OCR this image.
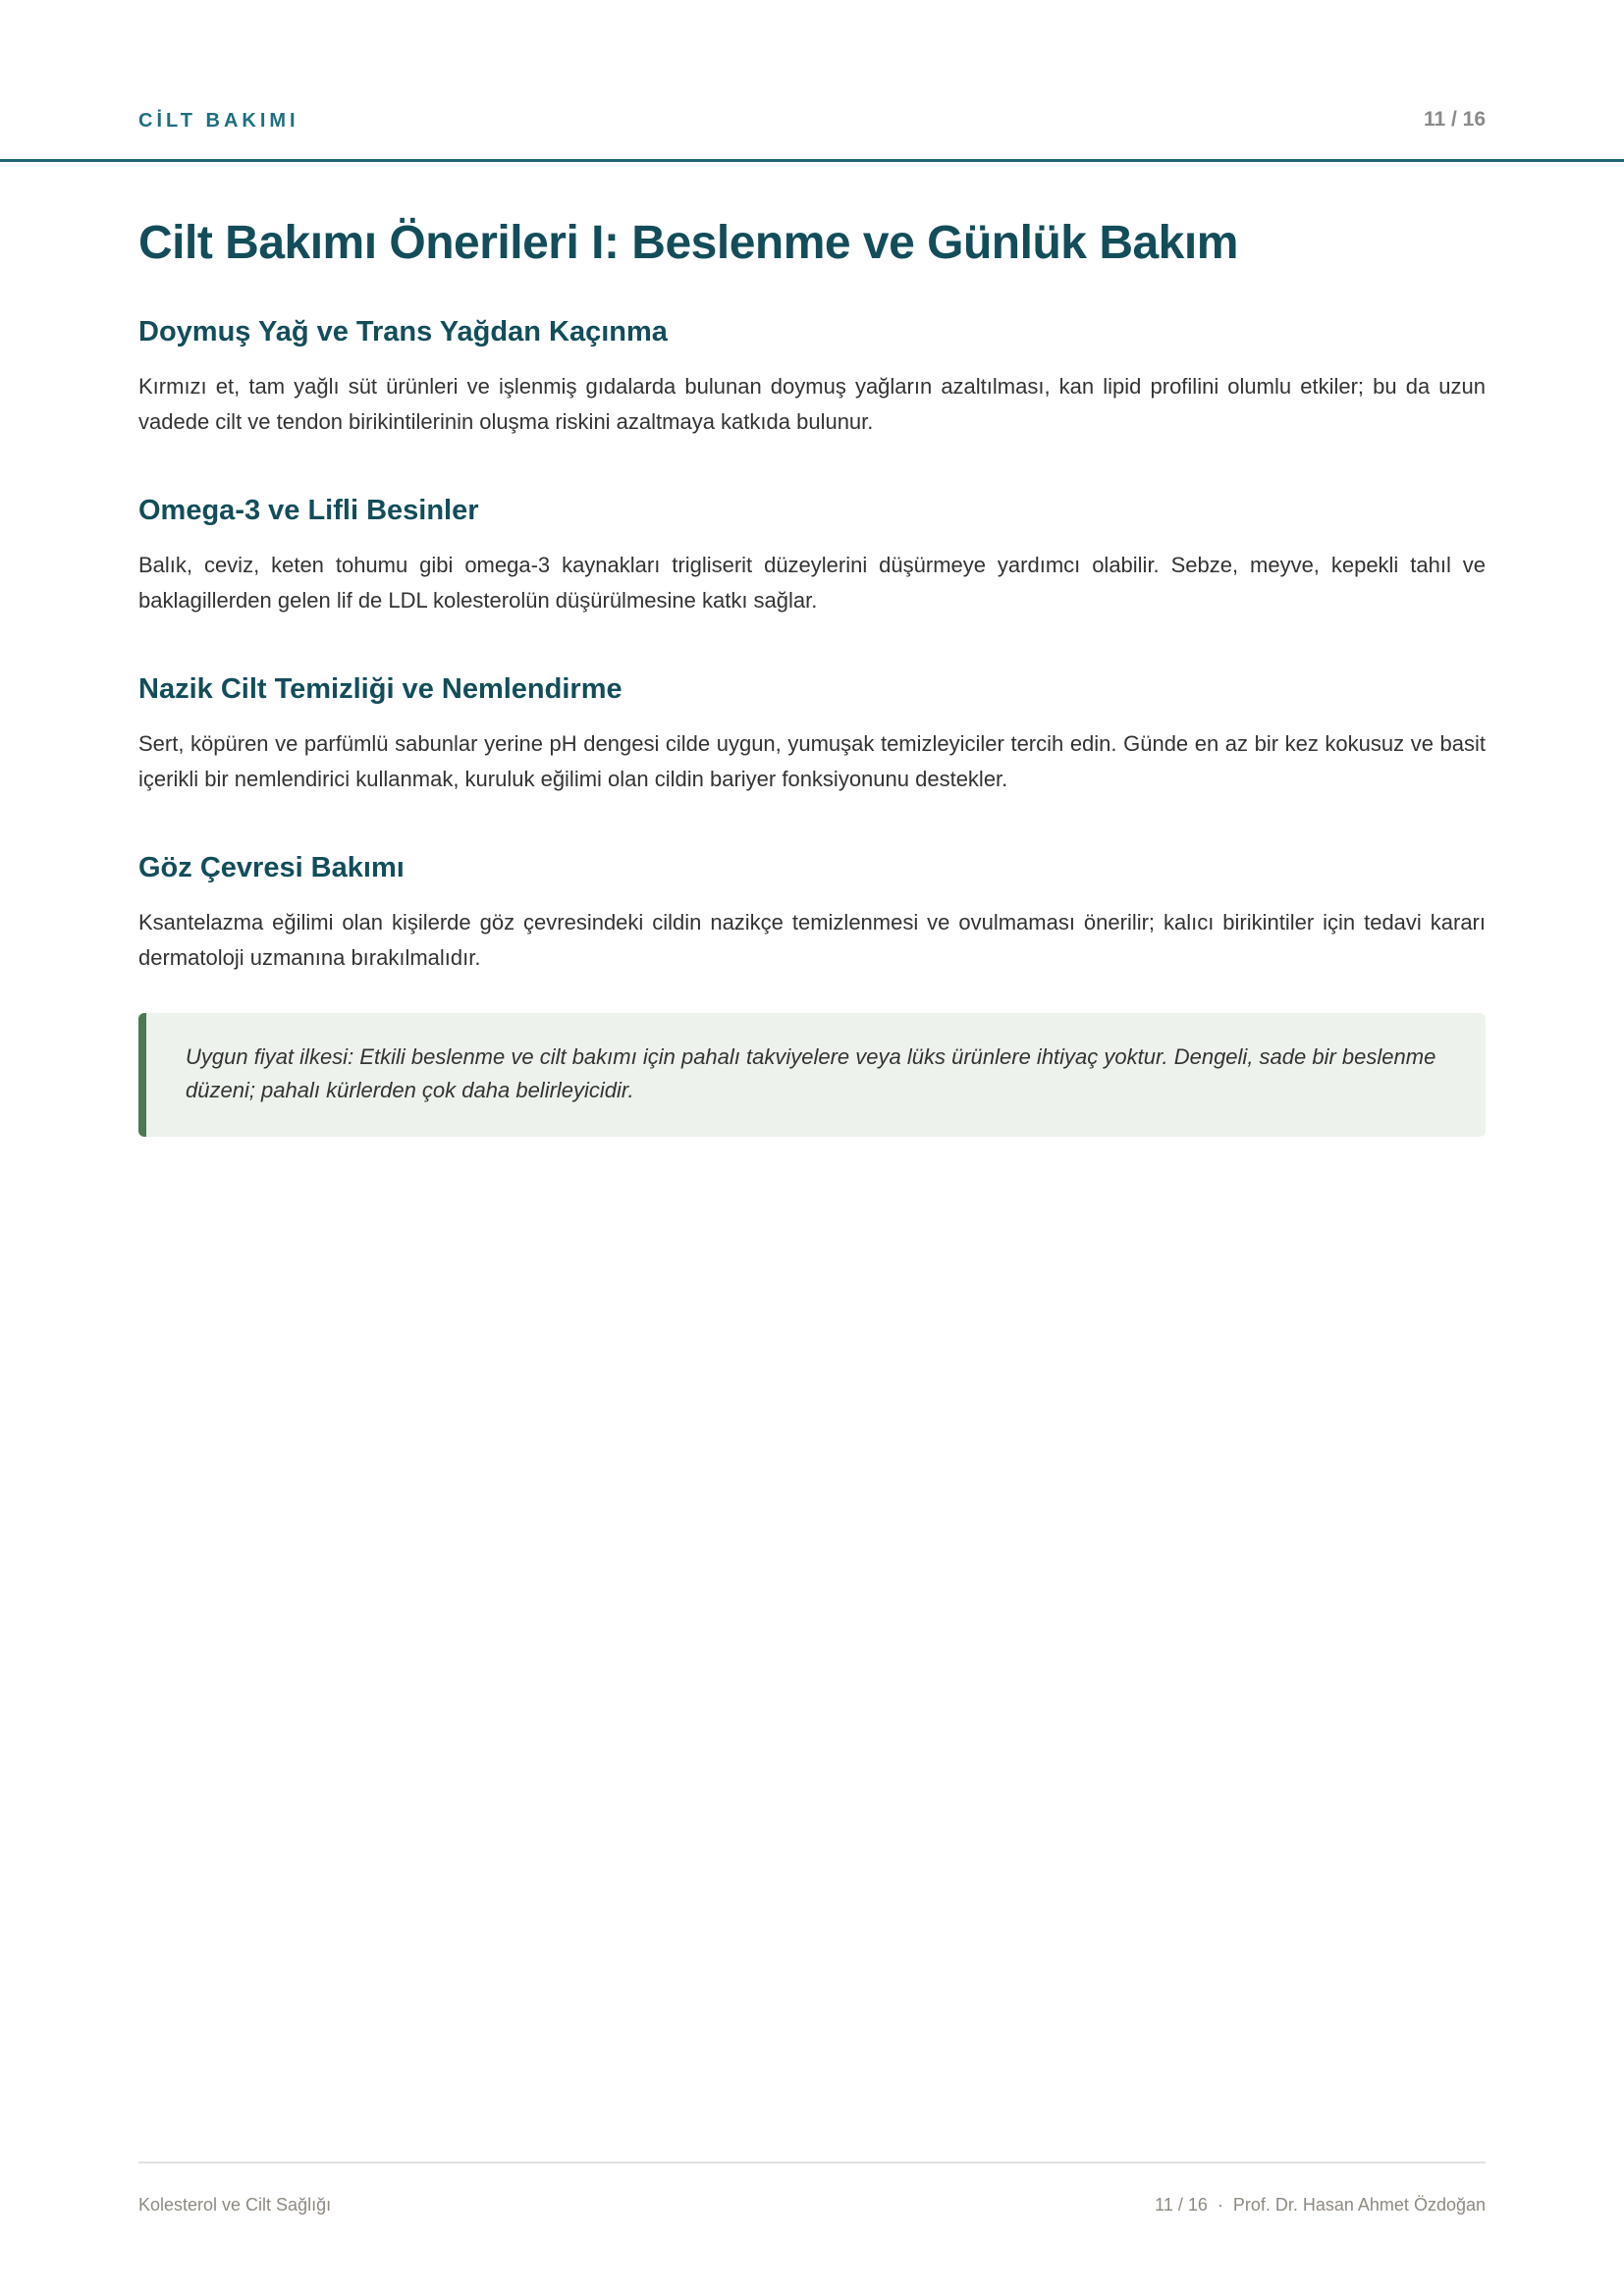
CİLT BAKIMI	11 / 16
Cilt Bakımı Önerileri I: Beslenme ve Günlük Bakım
Doymuş Yağ ve Trans Yağdan Kaçınma

Kırmızı et, tam yağlı süt ürünleri ve işlenmiş gıdalarda bulunan doymuş yağların azaltılması, kan lipid profilini olumlu etkiler; bu da uzun vadede cilt ve tendon birikintilerinin oluşma riskini azaltmaya katkıda bulunur.

Omega-3 ve Lifli Besinler

Balık, ceviz, keten tohumu gibi omega-3 kaynakları trigliserit düzeylerini düşürmeye yardımcı olabilir. Sebze, meyve, kepekli tahıl ve baklagillerden gelen lif de LDL kolesterolün düşürülmesine katkı sağlar.

Nazik Cilt Temizliği ve Nemlendirme

Sert, köpüren ve parfümlü sabunlar yerine pH dengesi cilde uygun, yumuşak temizleyiciler tercih edin. Günde en az bir kez kokusuz ve basit içerikli bir nemlendirici kullanmak, kuruluk eğilimi olan cildin bariyer fonksiyonunu destekler.

Göz Çevresi Bakımı

Ksantelazma eğilimi olan kişilerde göz çevresindeki cildin nazikçe temizlenmesi ve ovulmaması önerilir; kalıcı birikintiler için tedavi kararı dermatoloji uzmanına bırakılmalıdır.

Uygun fiyat ilkesi: Etkili beslenme ve cilt bakımı için pahalı takviyelere veya lüks ürünlere ihtiyaç yoktur. Dengeli, sade bir beslenme düzeni; pahalı kürlerden çok daha belirleyicidir.

Kolesterol ve Cilt Sağlığı	11 / 16 · Prof. Dr. Hasan Ahmet Özdoğan
